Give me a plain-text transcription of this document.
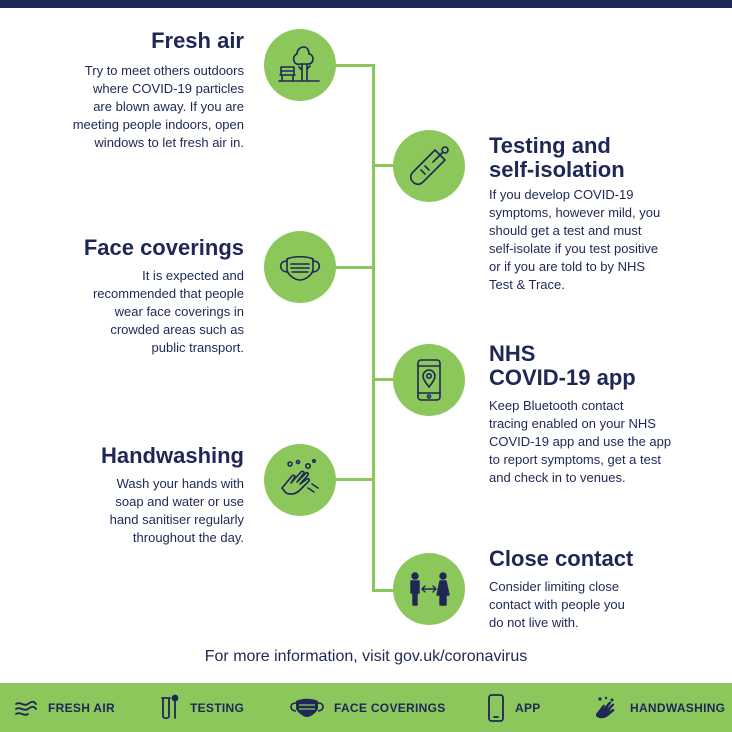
Fresh air

Try to meet others outdoors
where COVID-19 particles
are blown away. If you are
meeting people indoors, open
windows to let fresh air in.	Testing and
self-isolation

If you develop COVID-19
symptoms, however mild, you
should get a test and must
self-isolate if you test positive
or if you are told to by NHS
Test & Trace.

Face coverings

It is expected and
recommended that people
wear face coverings in
crowded areas such as
public transport.	NHS
COVID-19 app

Keep Bluetooth contact
tracing enabled on your NHS
COVID-19 app and use the app
to report symptoms, get a test
and check in to venues.

Handwashing

Wash your hands with
soap and water or use
hand sanitiser regularly
throughout the day.

Close contact

Consider limiting close
contact with people you
do not live with.

For more information, visit gov.uk/coronavirus
FRESH AIR	TESTING	FACE COVERINGS	APP	HANDWASHING
